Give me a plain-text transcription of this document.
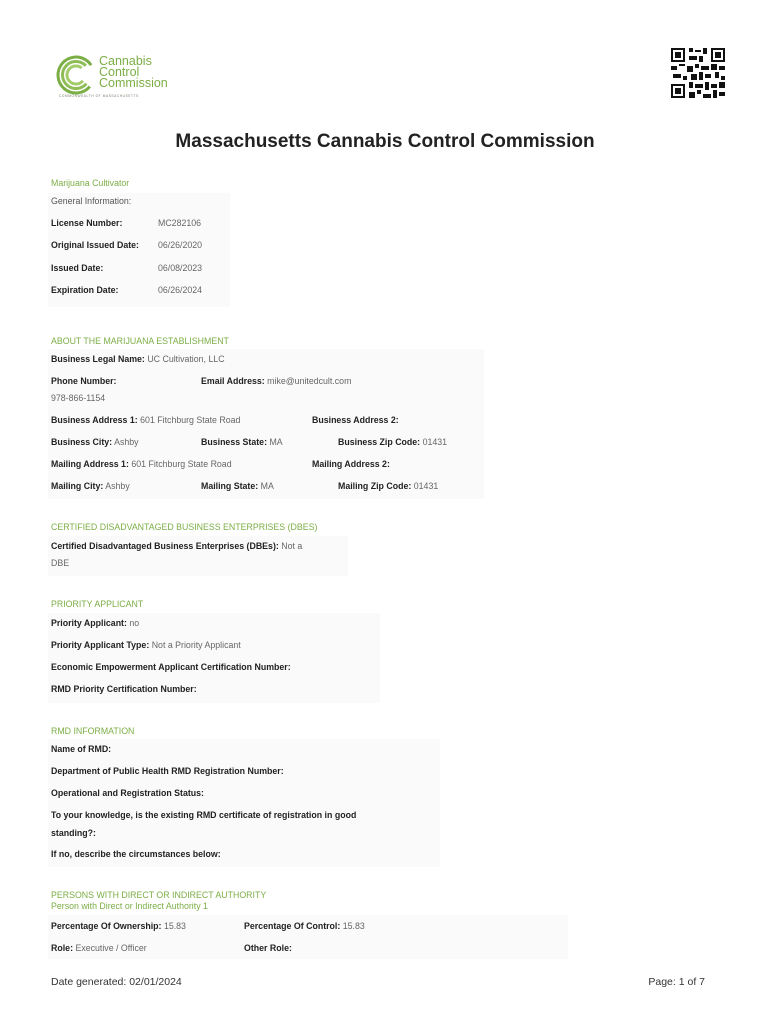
Cannabis
Control
Commission
COMMONWEALTH OF MASSACHUSETTS
Massachusetts Cannabis Control Commission
Marijuana Cultivator
General Information:
License Number:	MC282106
Original Issued Date: 06/26/2020
Issued Date:	06/08/2023
Expiration Date:	06/26/2024
ABOUT THE MARIJUANA ESTABLISHMENT
Business Legal Name: UC Cultivation, LLC
Phone Number:
978-866-1154
Email Address: mike@unitedcult.com
Business Address 1: 601 Fitchburg State Road	Business Address 2:
Business City: Ashby	Business State: MA	Business Zip Code: 01431
Mailing Address 1: 601 Fitchburg State Road	Mailing Address 2:
Mailing City: Ashby	Mailing State: MA	Mailing Zip Code: 01431
CERTIFIED DISADVANTAGED BUSINESS ENTERPRISES (DBES)
Certified Disadvantaged Business Enterprises (DBEs): Not a
DBE
PRIORITY APPLICANT
Priority Applicant: no
Priority Applicant Type: Not a Priority Applicant
Economic Empowerment Applicant Certification Number:
RMD Priority Certification Number:
RMD INFORMATION
Name of RMD:
Department of Public Health RMD Registration Number:
Operational and Registration Status:
To your knowledge, is the existing RMD certificate of registration in good
standing?:
If no, describe the circumstances below:
PERSONS WITH DIRECT OR INDIRECT AUTHORITY
Person with Direct or Indirect Authority 1
Percentage Of Ownership: 15.83	Percentage Of Control: 15.83
Role: Executive / Officer	Other Role:
Date generated: 02/01/2024	Page: 1 of 7
